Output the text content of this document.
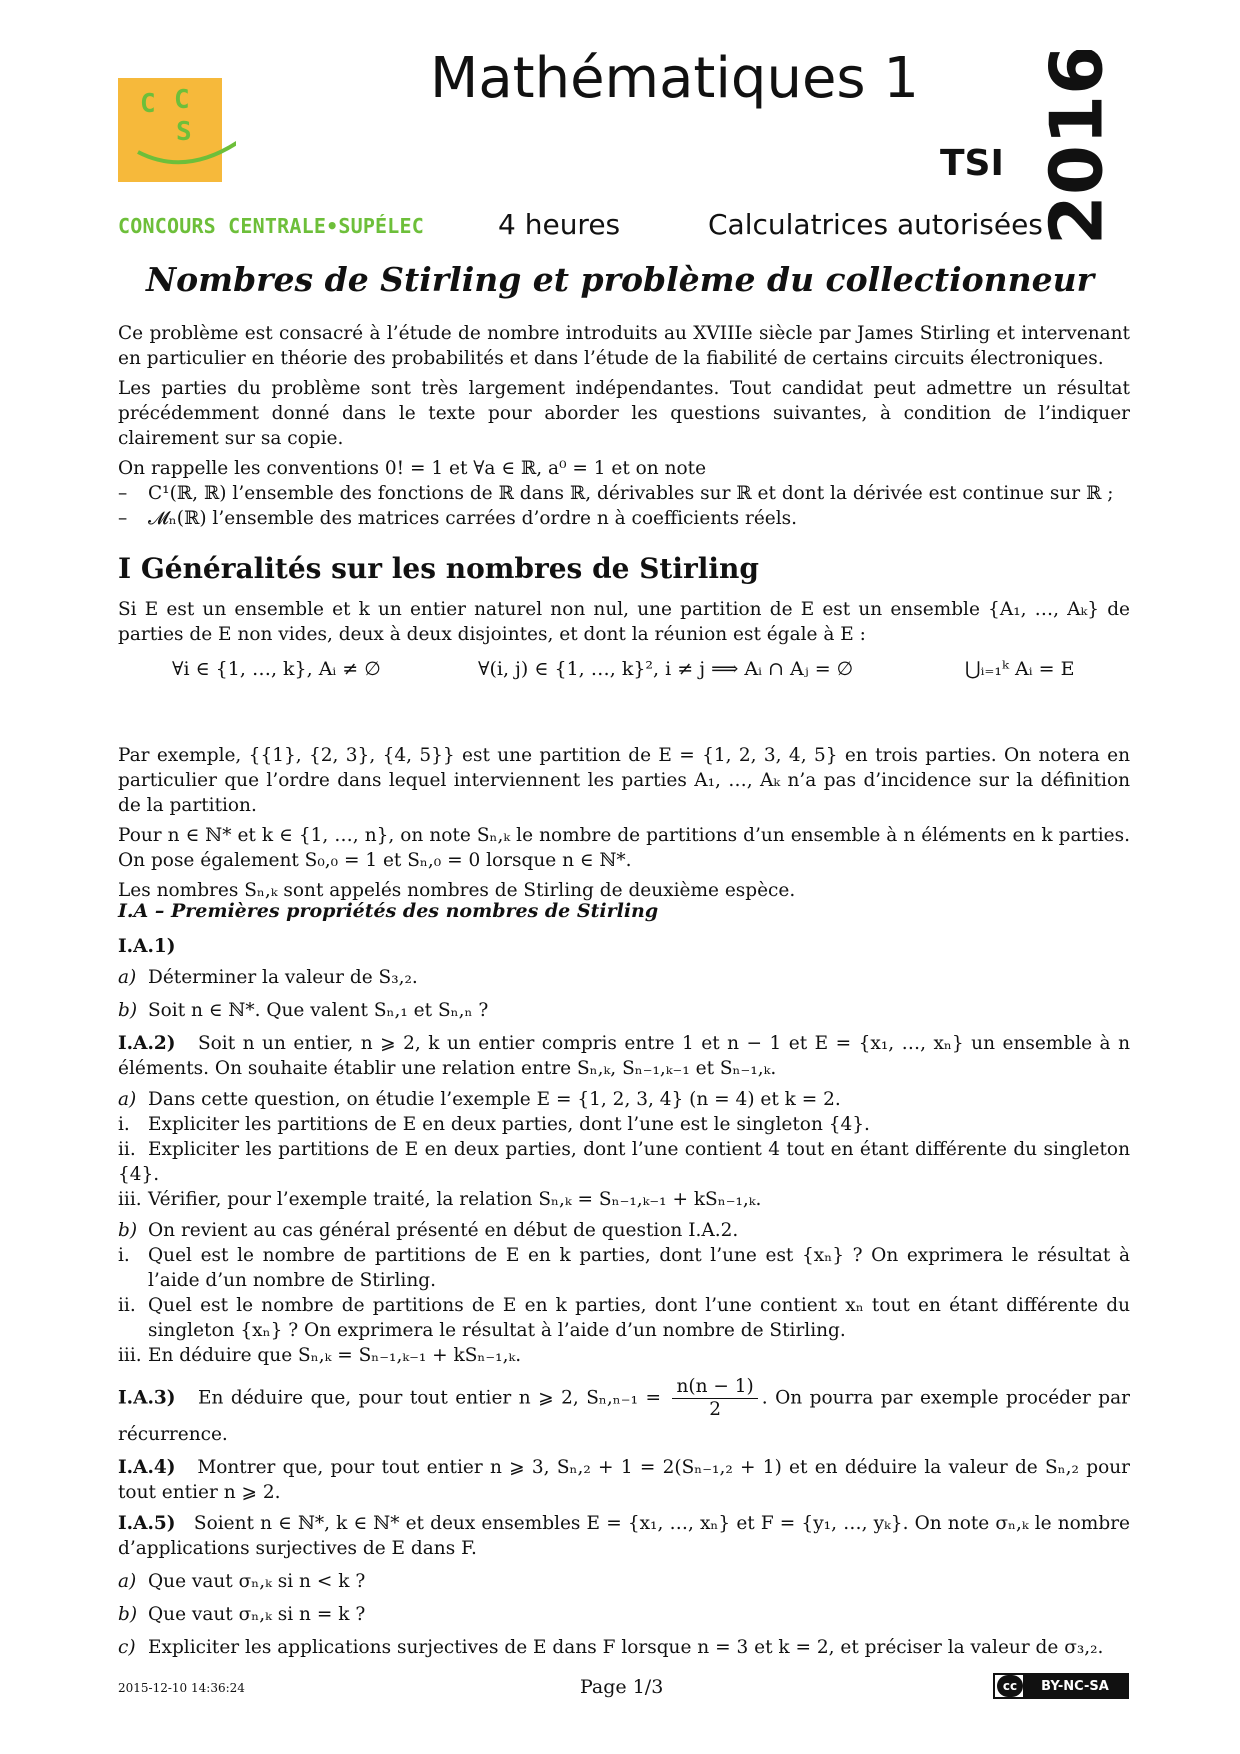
C C
S
CONCOURS CENTRALE•SUPÉLEC
Mathématiques 1
TSI 2016
4 heures	Calculatrices autorisées
Nombres de Stirling et problème du collectionneur

Ce problème est consacré à l’étude de nombre introduits au XVIIIe siècle par James Stirling et intervenant en particulier en théorie des probabilités et dans l’étude de la fiabilité de certains circuits électroniques.

Les parties du problème sont très largement indépendantes. Tout candidat peut admettre un résultat précédemment donné dans le texte pour aborder les questions suivantes, à condition de l’indiquer clairement sur sa copie.

On rappelle les conventions 0! = 1 et ∀a ∈ ℝ, a⁰ = 1 et on note

–	C¹(ℝ, ℝ) l’ensemble des fonctions de ℝ dans ℝ, dérivables sur ℝ et dont la dérivée est continue sur ℝ ;
–	𝓜ₙ(ℝ) l’ensemble des matrices carrées d’ordre n à coefficients réels.
I Généralités sur les nombres de Stirling
Si E est un ensemble et k un entier naturel non nul, une partition de E est un ensemble {A₁, …, Aₖ} de parties de E non vides, deux à deux disjointes, et dont la réunion est égale à E :
∀i ∈ {1, …, k}, Aᵢ ≠ ∅	∀(i, j) ∈ {1, …, k}², i ≠ j ⟹ Aᵢ ∩ Aⱼ = ∅	⋃ᵢ₌₁ᵏ Aᵢ = E

Par exemple, {{1}, {2, 3}, {4, 5}} est une partition de E = {1, 2, 3, 4, 5} en trois parties. On notera en particulier que l’ordre dans lequel interviennent les parties A₁, …, Aₖ n’a pas d’incidence sur la définition de la partition.

Pour n ∈ ℕ* et k ∈ {1, …, n}, on note Sₙ,ₖ le nombre de partitions d’un ensemble à n éléments en k parties. On pose également S₀,₀ = 1 et Sₙ,₀ = 0 lorsque n ∈ ℕ*.

Les nombres Sₙ,ₖ sont appelés nombres de Stirling de deuxième espèce.

I.A – Premières propriétés des nombres de Stirling

I.A.1)

a) Déterminer la valeur de S₃,₂.

b) Soit n ∈ ℕ*. Que valent Sₙ,₁ et Sₙ,ₙ ?

I.A.2) Soit n un entier, n ⩾ 2, k un entier compris entre 1 et n − 1 et E = {x₁, …, xₙ} un ensemble à n éléments. On souhaite établir une relation entre Sₙ,ₖ, Sₙ₋₁,ₖ₋₁ et Sₙ₋₁,ₖ.

a) Dans cette question, on étudie l’exemple E = {1, 2, 3, 4} (n = 4) et k = 2.

i. Expliciter les partitions de E en deux parties, dont l’une est le singleton {4}.

ii. Expliciter les partitions de E en deux parties, dont l’une contient 4 tout en étant différente du singleton {4}.

iii. Vérifier, pour l’exemple traité, la relation Sₙ,ₖ = Sₙ₋₁,ₖ₋₁ + kSₙ₋₁,ₖ.

b) On revient au cas général présenté en début de question I.A.2.

i. Quel est le nombre de partitions de E en k parties, dont l’une est {xₙ} ? On exprimera le résultat à l’aide d’un nombre de Stirling.

ii. Quel est le nombre de partitions de E en k parties, dont l’une contient xₙ tout en étant différente du singleton {xₙ} ? On exprimera le résultat à l’aide d’un nombre de Stirling.

iii. En déduire que Sₙ,ₖ = Sₙ₋₁,ₖ₋₁ + kSₙ₋₁,ₖ.

I.A.3) En déduire que, pour tout entier n ⩾ 2, $S_n,_{n-1} = \frac{n(n - 1)}{2}$ . On pourra par exemple procéder par récurrence.

I.A.4) Montrer que, pour tout entier n ⩾ 3, Sₙ,₂ + 1 = 2(Sₙ₋₁,₂ + 1) et en déduire la valeur de Sₙ,₂ pour tout entier n ⩾ 2.

I.A.5) Soient n ∈ ℕ*, k ∈ ℕ* et deux ensembles E = {x₁, …, xₙ} et F = {y₁, …, yₖ}. On note σₙ,ₖ le nombre d’applications surjectives de E dans F.

a) Que vaut σₙ,ₖ si n < k ?

b) Que vaut σₙ,ₖ si n = k ?

c) Expliciter les applications surjectives de E dans F lorsque n = 3 et k = 2, et préciser la valeur de σ₃,₂.

2015-12-10 14:36:24	Page 1/3	cc	BY-NC-SA
